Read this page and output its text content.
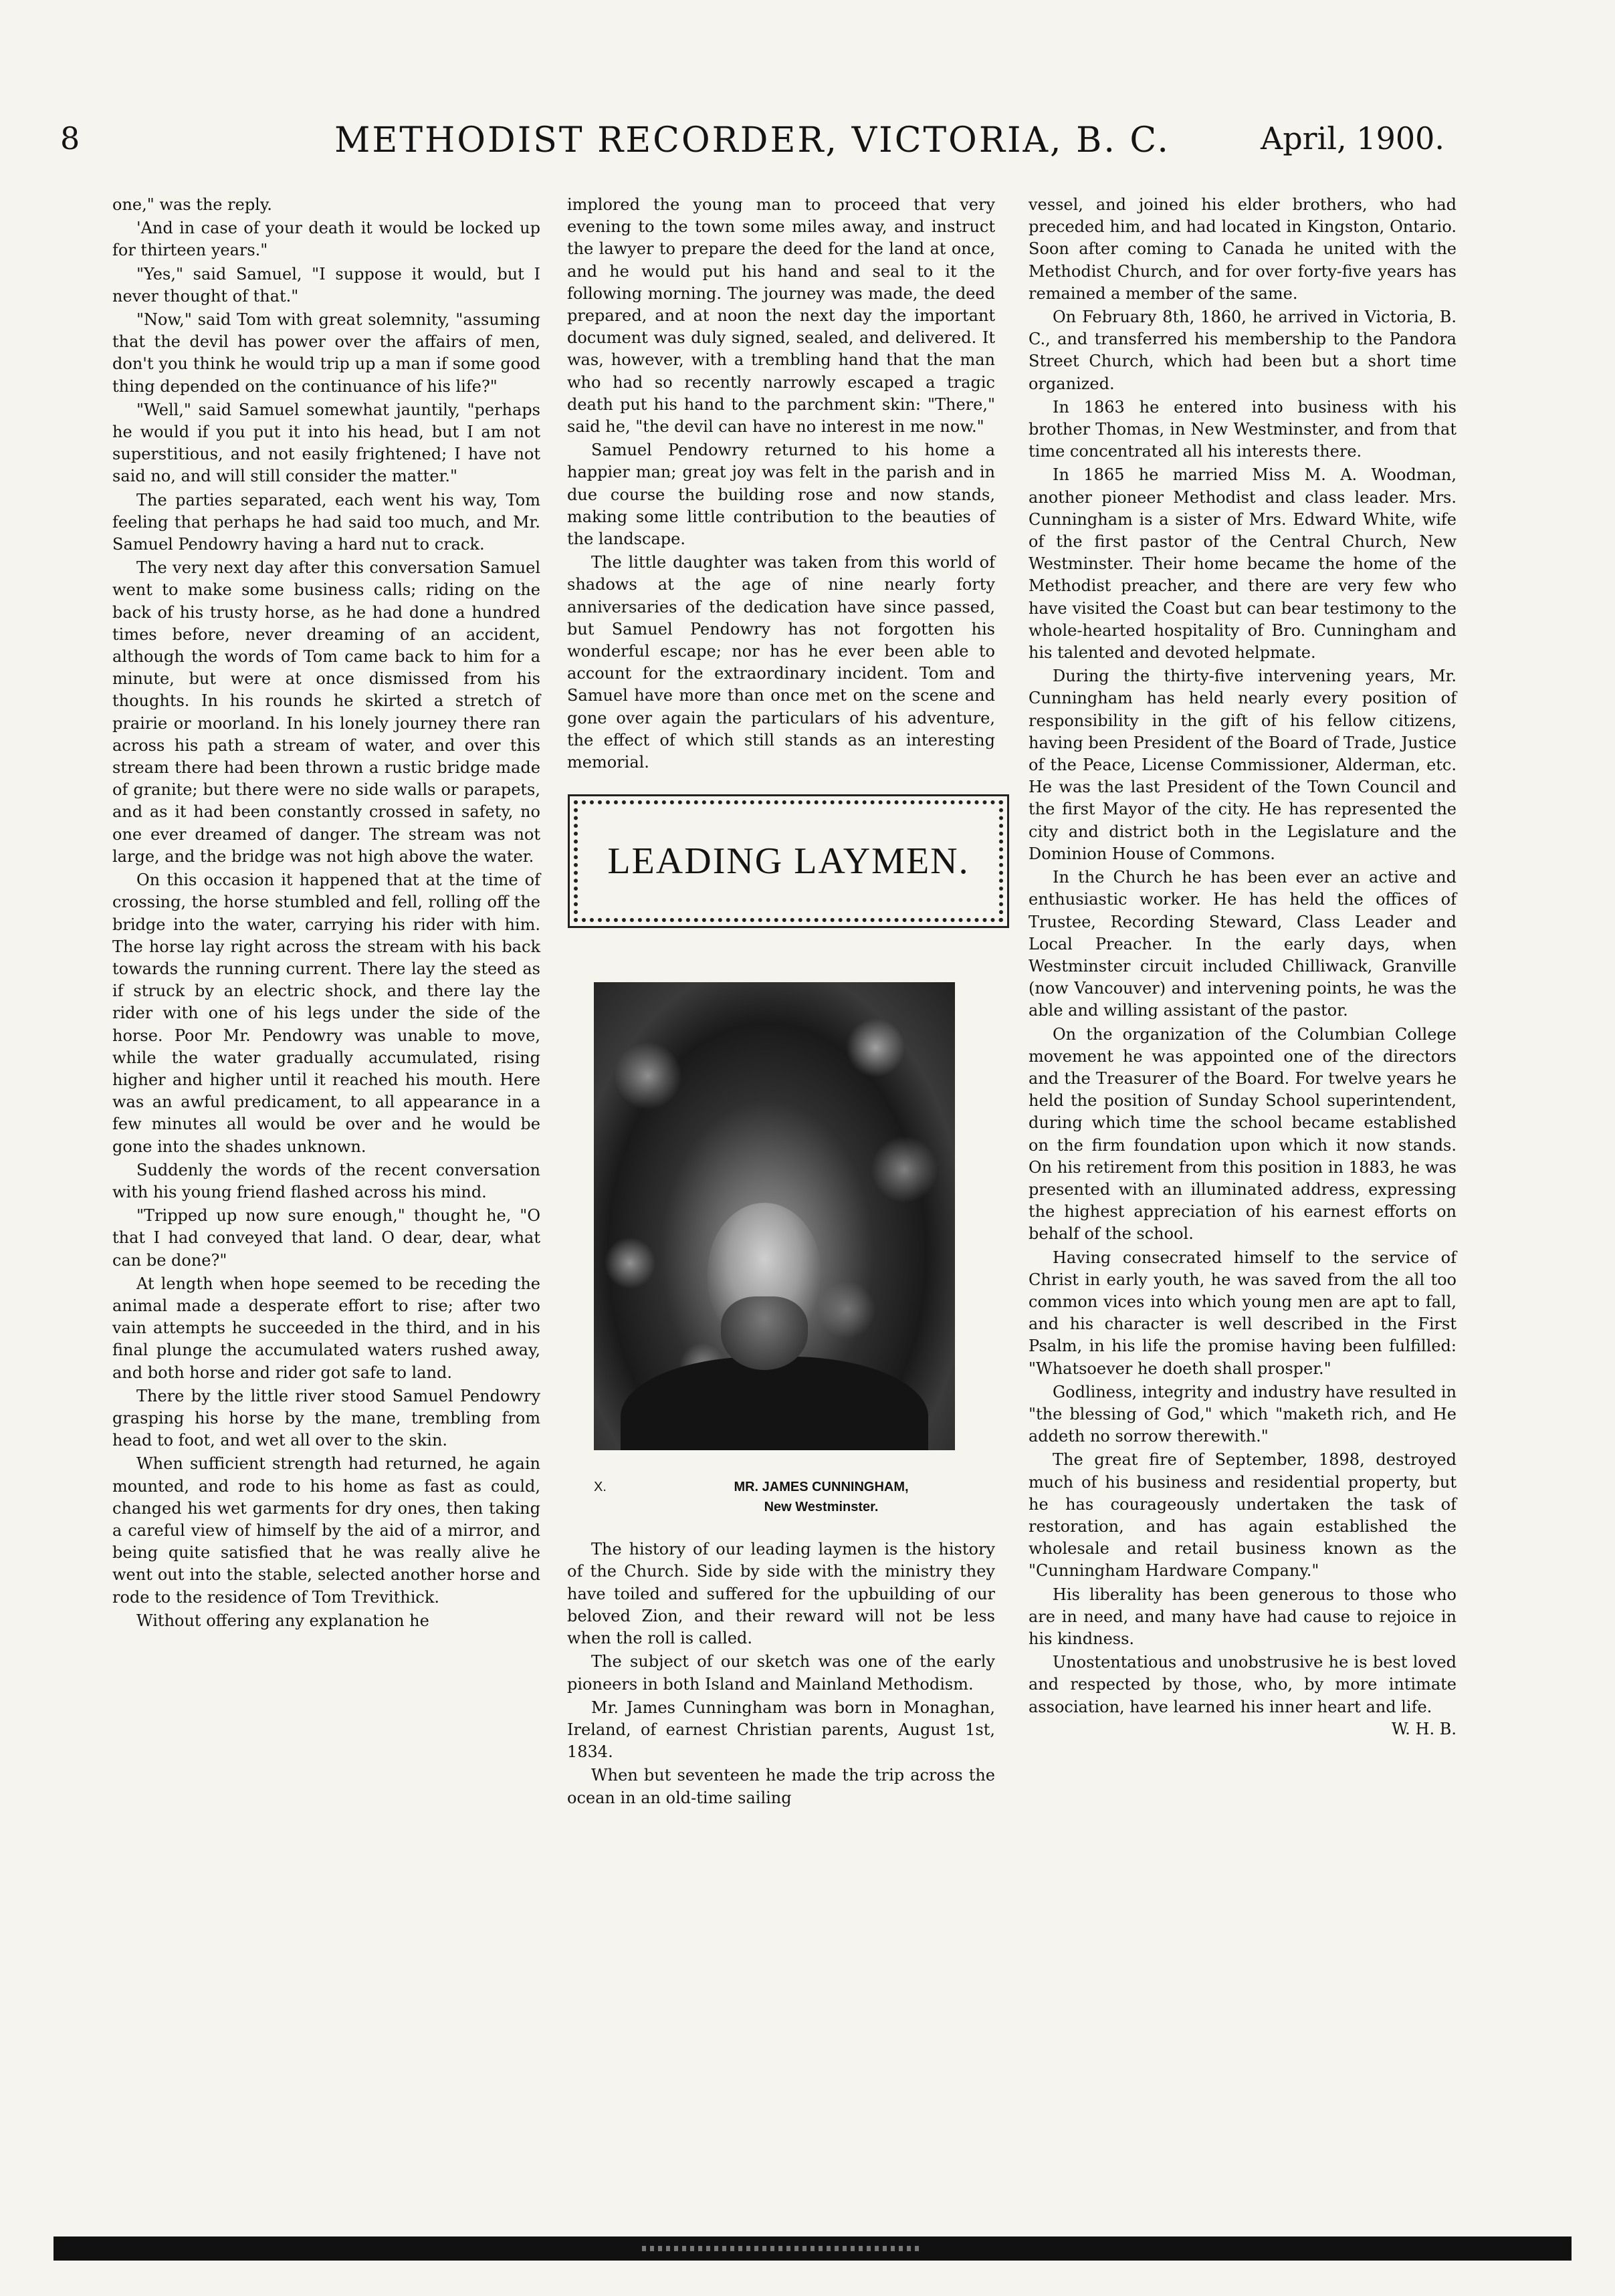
8	METHODIST RECORDER, VICTORIA, B. C.	April, 1900.

one," was the reply.

'And in case of your death it would be locked up for thirteen years."

"Yes," said Samuel, "I suppose it would, but I never thought of that."

"Now," said Tom with great solemnity, "assuming that the devil has power over the affairs of men, don't you think he would trip up a man if some good thing depended on the continuance of his life?"

"Well," said Samuel somewhat jauntily, "perhaps he would if you put it into his head, but I am not superstitious, and not easily frightened; I have not said no, and will still consider the matter."

The parties separated, each went his way, Tom feeling that perhaps he had said too much, and Mr. Samuel Pendowry having a hard nut to crack.

The very next day after this conversation Samuel went to make some business calls; riding on the back of his trusty horse, as he had done a hundred times before, never dreaming of an accident, although the words of Tom came back to him for a minute, but were at once dismissed from his thoughts. In his rounds he skirted a stretch of prairie or moorland. In his lonely journey there ran across his path a stream of water, and over this stream there had been thrown a rustic bridge made of granite; but there were no side walls or parapets, and as it had been constantly crossed in safety, no one ever dreamed of danger. The stream was not large, and the bridge was not high above the water.

On this occasion it happened that at the time of crossing, the horse stumbled and fell, rolling off the bridge into the water, carrying his rider with him. The horse lay right across the stream with his back towards the running current. There lay the steed as if struck by an electric shock, and there lay the rider with one of his legs under the side of the horse. Poor Mr. Pendowry was unable to move, while the water gradually accumulated, rising higher and higher until it reached his mouth. Here was an awful predicament, to all appearance in a few minutes all would be over and he would be gone into the shades unknown.

Suddenly the words of the recent conversation with his young friend flashed across his mind.

"Tripped up now sure enough," thought he, "O that I had conveyed that land. O dear, dear, what can be done?"

At length when hope seemed to be receding the animal made a desperate effort to rise; after two vain attempts he succeeded in the third, and in his final plunge the accumulated waters rushed away, and both horse and rider got safe to land.

There by the little river stood Samuel Pendowry grasping his horse by the mane, trembling from head to foot, and wet all over to the skin.

When sufficient strength had returned, he again mounted, and rode to his home as fast as could, changed his wet garments for dry ones, then taking a careful view of himself by the aid of a mirror, and being quite satisfied that he was really alive he went out into the stable, selected another horse and rode to the residence of Tom Trevithick.

Without offering any explanation he

implored the young man to proceed that very evening to the town some miles away, and instruct the lawyer to prepare the deed for the land at once, and he would put his hand and seal to it the following morning. The journey was made, the deed prepared, and at noon the next day the important document was duly signed, sealed, and delivered. It was, however, with a trembling hand that the man who had so recently narrowly escaped a tragic death put his hand to the parchment skin: "There," said he, "the devil can have no interest in me now."

Samuel Pendowry returned to his home a happier man; great joy was felt in the parish and in due course the building rose and now stands, making some little contribution to the beauties of the landscape.

The little daughter was taken from this world of shadows at the age of nine nearly forty anniversaries of the dedication have since passed, but Samuel Pendowry has not forgotten his wonderful escape; nor has he ever been able to account for the extraordinary incident. Tom and Samuel have more than once met on the scene and gone over again the particulars of his adventure, the effect of which still stands as an interesting memorial.

LEADING LAYMEN.
X.	MR. JAMES CUNNINGHAM,
New Westminster.

The history of our leading laymen is the history of the Church. Side by side with the ministry they have toiled and suffered for the upbuilding of our beloved Zion, and their reward will not be less when the roll is called.

The subject of our sketch was one of the early pioneers in both Island and Mainland Methodism.

Mr. James Cunningham was born in Monaghan, Ireland, of earnest Christian parents, August 1st, 1834.

When but seventeen he made the trip across the ocean in an old-time sailing

vessel, and joined his elder brothers, who had preceded him, and had located in Kingston, Ontario. Soon after coming to Canada he united with the Methodist Church, and for over forty-five years has remained a member of the same.

On February 8th, 1860, he arrived in Victoria, B. C., and transferred his membership to the Pandora Street Church, which had been but a short time organized.

In 1863 he entered into business with his brother Thomas, in New Westminster, and from that time concentrated all his interests there.

In 1865 he married Miss M. A. Woodman, another pioneer Methodist and class leader. Mrs. Cunningham is a sister of Mrs. Edward White, wife of the first pastor of the Central Church, New Westminster. Their home became the home of the Methodist preacher, and there are very few who have visited the Coast but can bear testimony to the whole-hearted hospitality of Bro. Cunningham and his talented and devoted helpmate.

During the thirty-five intervening years, Mr. Cunningham has held nearly every position of responsibility in the gift of his fellow citizens, having been President of the Board of Trade, Justice of the Peace, License Commissioner, Alderman, etc. He was the last President of the Town Council and the first Mayor of the city. He has represented the city and district both in the Legislature and the Dominion House of Commons.

In the Church he has been ever an active and enthusiastic worker. He has held the offices of Trustee, Recording Steward, Class Leader and Local Preacher. In the early days, when Westminster circuit included Chilliwack, Granville (now Vancouver) and intervening points, he was the able and willing assistant of the pastor.

On the organization of the Columbian College movement he was appointed one of the directors and the Treasurer of the Board. For twelve years he held the position of Sunday School superintendent, during which time the school became established on the firm foundation upon which it now stands. On his retirement from this position in 1883, he was presented with an illuminated address, expressing the highest appreciation of his earnest efforts on behalf of the school.

Having consecrated himself to the service of Christ in early youth, he was saved from the all too common vices into which young men are apt to fall, and his character is well described in the First Psalm, in his life the promise having been fulfilled: "Whatsoever he doeth shall prosper."

Godliness, integrity and industry have resulted in "the blessing of God," which "maketh rich, and He addeth no sorrow therewith."

The great fire of September, 1898, destroyed much of his business and residential property, but he has courageously undertaken the task of restoration, and has again established the wholesale and retail business known as the "Cunningham Hardware Company."

His liberality has been generous to those who are in need, and many have had cause to rejoice in his kindness.

Unostentatious and unobstrusive he is best loved and respected by those, who, by more intimate association, have learned his inner heart and life.
W. H. B.
